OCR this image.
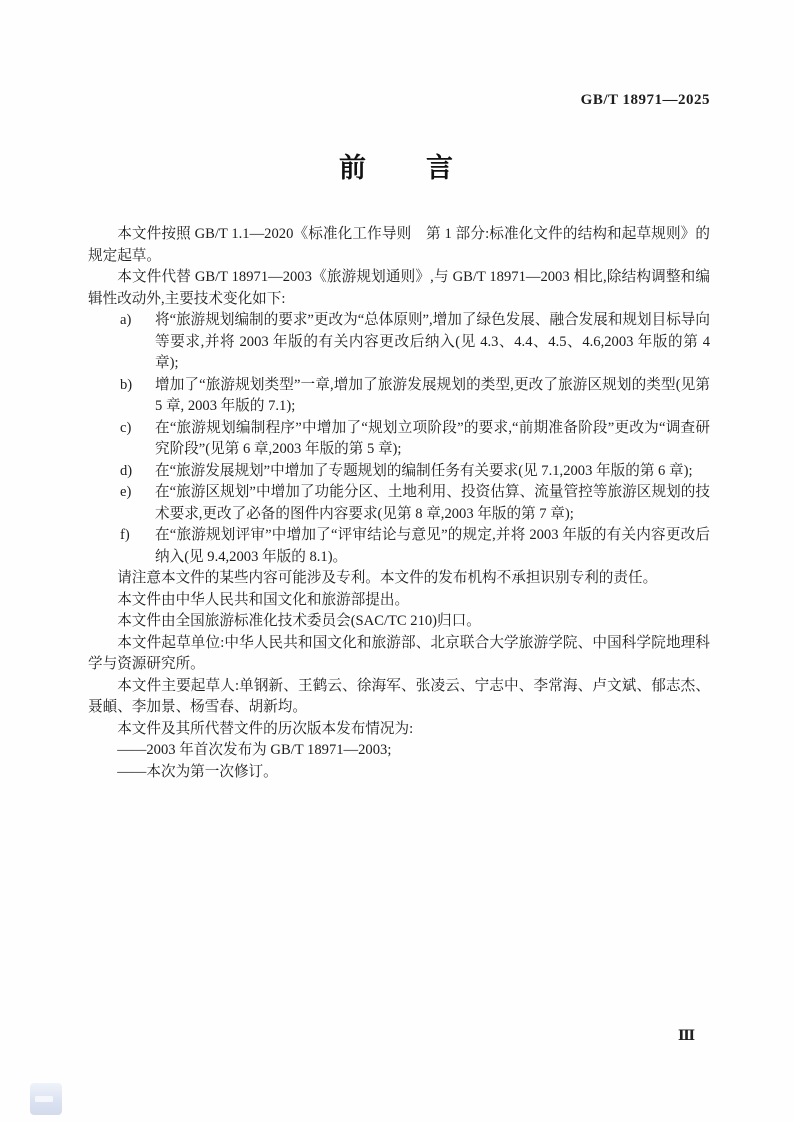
GB/T 18971—2025
前　　言

本文件按照 GB/T 1.1—2020《标准化工作导则　第 1 部分:标准化文件的结构和起草规则》的规定起草。

本文件代替 GB/T 18971—2003《旅游规划通则》,与 GB/T 18971—2003 相比,除结构调整和编辑性改动外,主要技术变化如下:

a)	将“旅游规划编制的要求”更改为“总体原则”,增加了绿色发展、融合发展和规划目标导向等要求,并将 2003 年版的有关内容更改后纳入(见 4.3、4.4、4.5、4.6,2003 年版的第 4 章);
b)	增加了“旅游规划类型”一章,增加了旅游发展规划的类型,更改了旅游区规划的类型(见第 5 章, 2003 年版的 7.1);
c)	在“旅游规划编制程序”中增加了“规划立项阶段”的要求,“前期准备阶段”更改为“调查研究阶段”(见第 6 章,2003 年版的第 5 章);
d)	在“旅游发展规划”中增加了专题规划的编制任务有关要求(见 7.1,2003 年版的第 6 章);
e)	在“旅游区规划”中增加了功能分区、土地利用、投资估算、流量管控等旅游区规划的技术要求,更改了必备的图件内容要求(见第 8 章,2003 年版的第 7 章);
f)	在“旅游规划评审”中增加了“评审结论与意见”的规定,并将 2003 年版的有关内容更改后纳入(见 9.4,2003 年版的 8.1)。

请注意本文件的某些内容可能涉及专利。本文件的发布机构不承担识别专利的责任。

本文件由中华人民共和国文化和旅游部提出。

本文件由全国旅游标准化技术委员会(SAC/TC 210)归口。

本文件起草单位:中华人民共和国文化和旅游部、北京联合大学旅游学院、中国科学院地理科学与资源研究所。

本文件主要起草人:单钢新、王鹤云、徐海军、张凌云、宁志中、李常海、卢文斌、郁志杰、聂頔、李加景、杨雪春、胡新均。

本文件及其所代替文件的历次版本发布情况为:

——2003 年首次发布为 GB/T 18971—2003;

——本次为第一次修订。

Ⅲ
